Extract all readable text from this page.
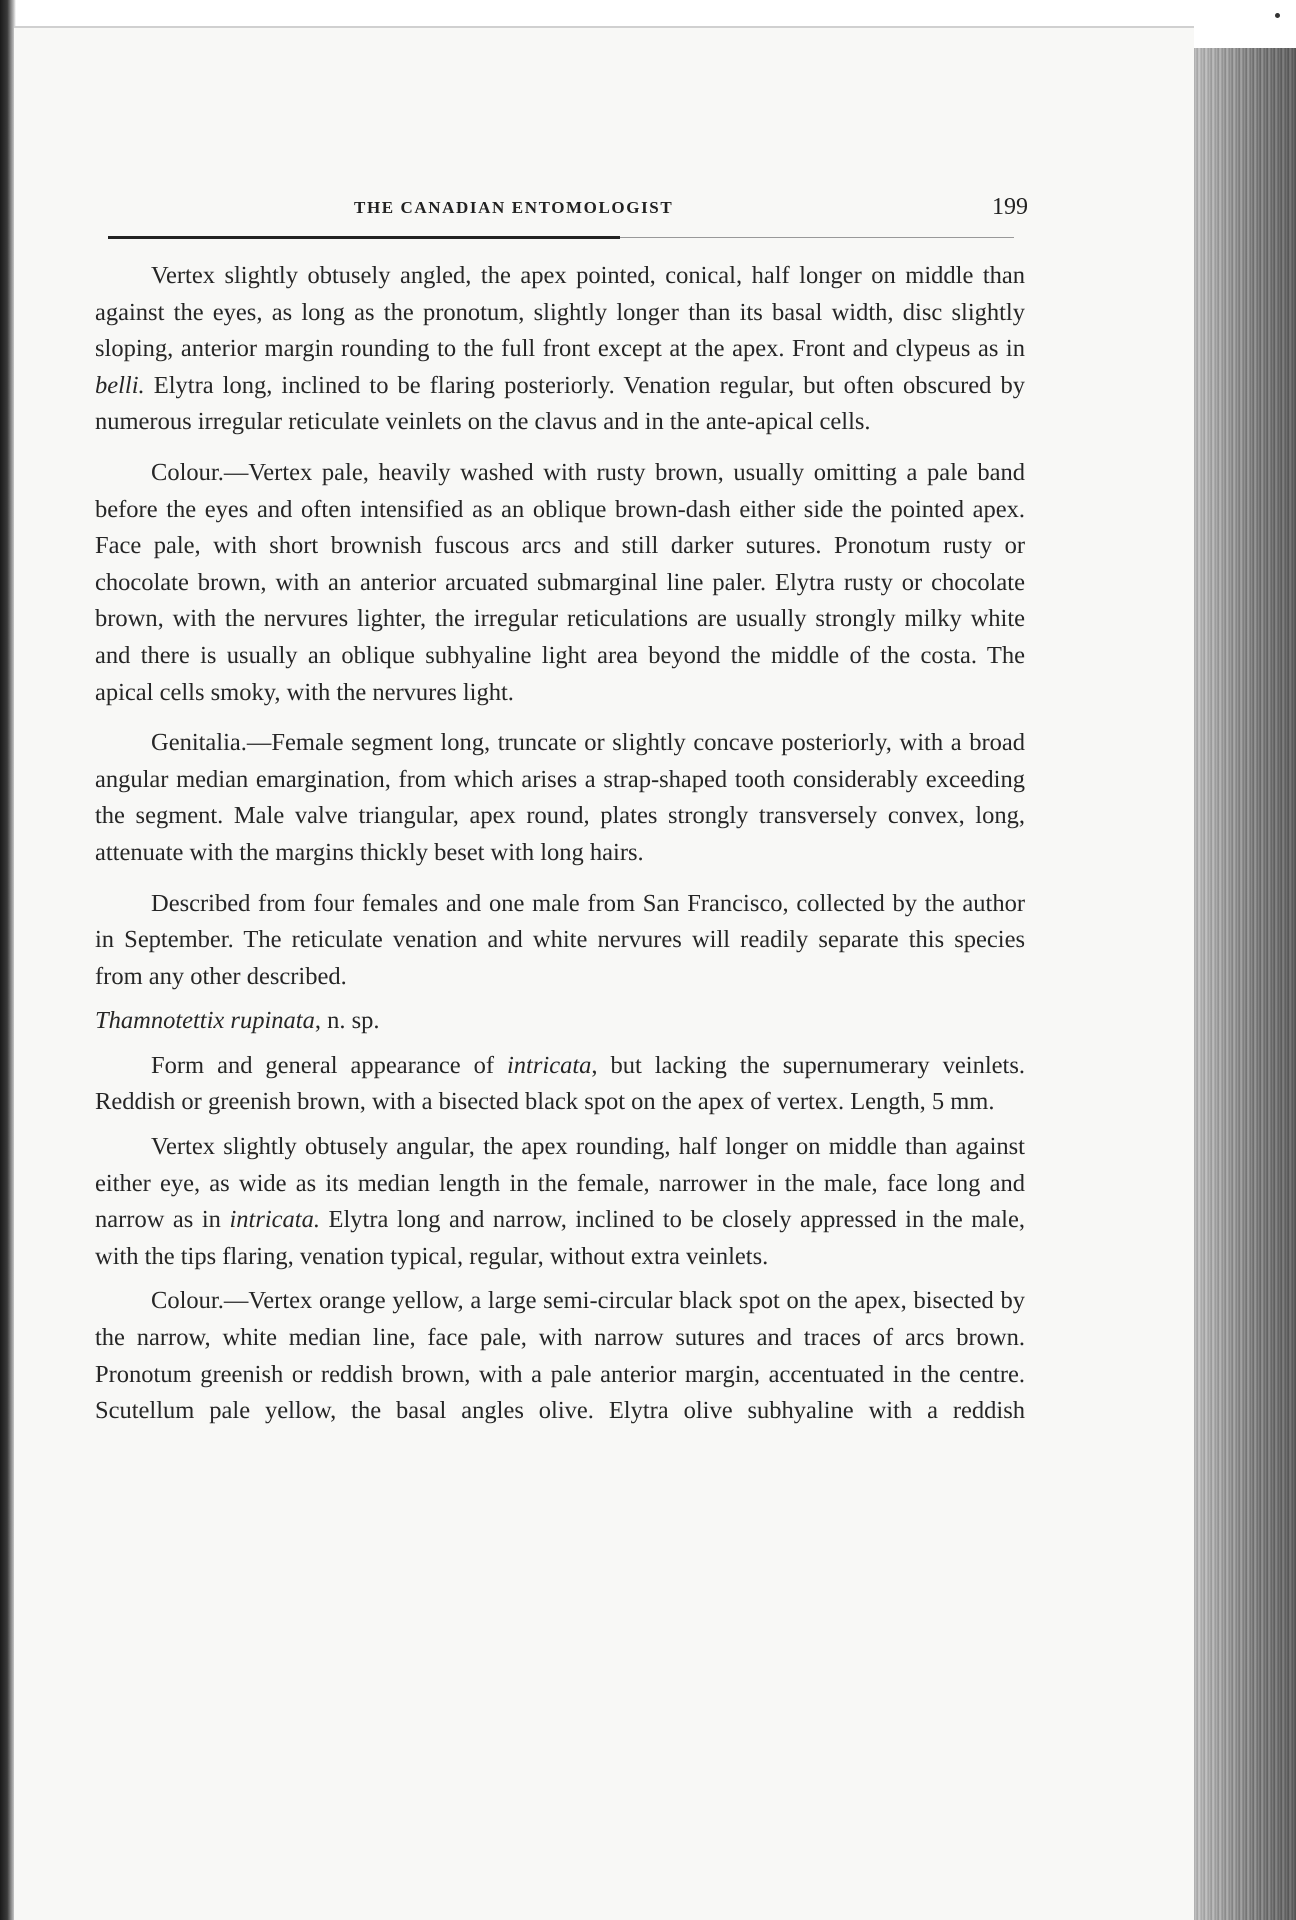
THE CANADIAN ENTOMOLOGIST	199

Vertex slightly obtusely angled, the apex pointed, conical, half longer on middle than against the eyes, as long as the pronotum, slightly longer than its basal width, disc slightly sloping, anterior margin rounding to the full front except at the apex. Front and clypeus as in belli. Elytra long, inclined to be flaring posteriorly. Venation regular, but often obscured by numerous irregular reticulate veinlets on the clavus and in the ante-apical cells.

Colour.—Vertex pale, heavily washed with rusty brown, usually omitting a pale band before the eyes and often intensified as an oblique brown-dash either side the pointed apex. Face pale, with short brownish fuscous arcs and still darker sutures. Pronotum rusty or chocolate brown, with an anterior arcuated submarginal line paler. Elytra rusty or chocolate brown, with the nervures lighter, the irregular reticulations are usually strongly milky white and there is usually an oblique subhyaline light area beyond the middle of the costa. The apical cells smoky, with the nervures light.

Genitalia.—Female segment long, truncate or slightly concave posteriorly, with a broad angular median emargination, from which arises a strap-shaped tooth considerably exceeding the segment. Male valve triangular, apex round, plates strongly transversely convex, long, attenuate with the margins thickly beset with long hairs.

Described from four females and one male from San Francisco, collected by the author in September. The reticulate venation and white nervures will readily separate this species from any other described.

Thamnotettix rupinata, n. sp.

Form and general appearance of intricata, but lacking the supernumerary veinlets. Reddish or greenish brown, with a bisected black spot on the apex of vertex. Length, 5 mm.

Vertex slightly obtusely angular, the apex rounding, half longer on middle than against either eye, as wide as its median length in the female, narrower in the male, face long and narrow as in intricata. Elytra long and narrow, inclined to be closely appressed in the male, with the tips flaring, venation typical, regular, without extra veinlets.

Colour.—Vertex orange yellow, a large semi-circular black spot on the apex, bisected by the narrow, white median line, face pale, with narrow sutures and traces of arcs brown. Pronotum greenish or reddish brown, with a pale anterior margin, accentuated in the centre. Scutellum pale yellow, the basal angles olive. Elytra olive subhyaline with a reddish
